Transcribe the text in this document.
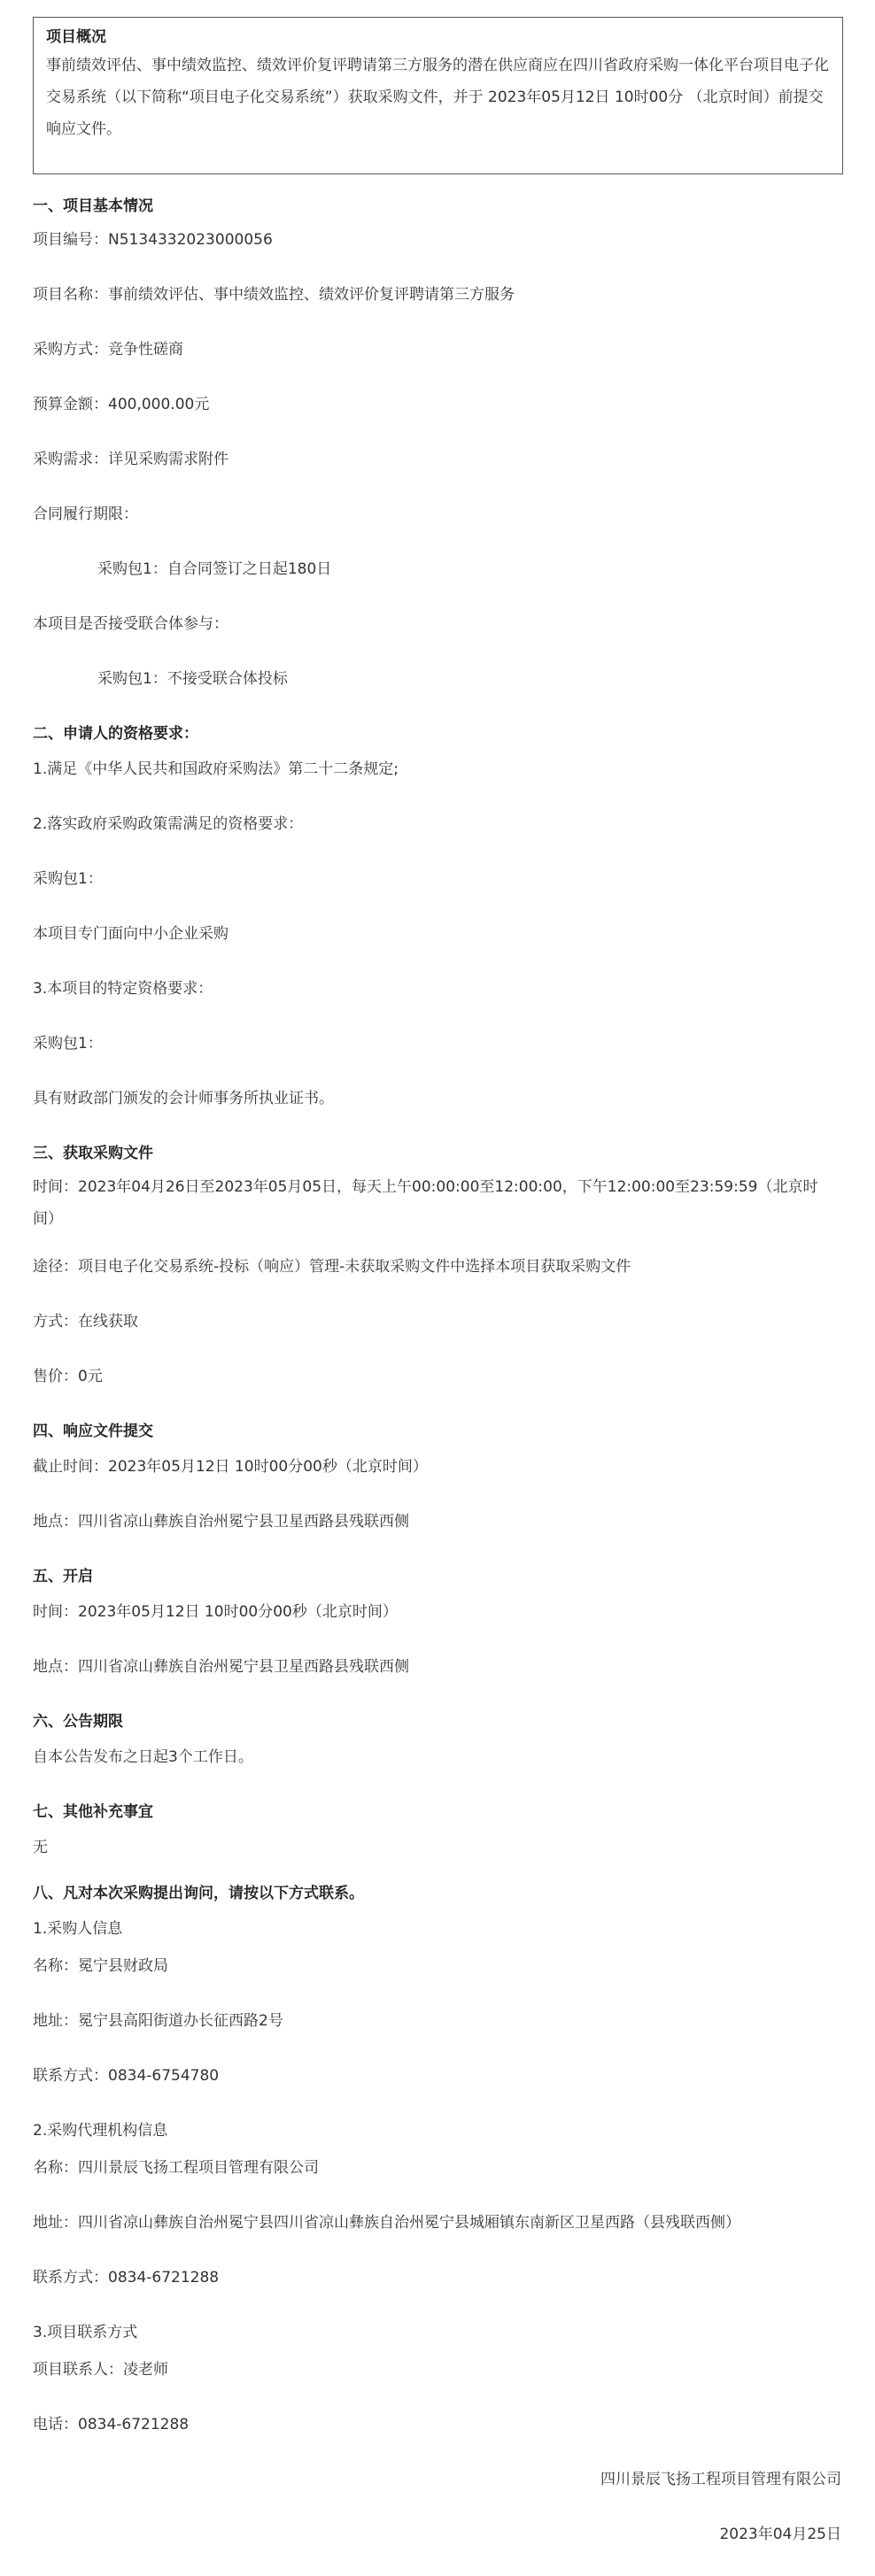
项目概况
事前绩效评估、事中绩效监控、绩效评价复评聘请第三方服务的潜在供应商应在四川省政府采购一体化平台项目电子化交易系统（以下简称“项目电子化交易系统”）获取采购文件，并于 2023年05月12日 10时00分 （北京时间）前提交响应文件。
一、项目基本情况
项目编号：N5134332023000056
项目名称：事前绩效评估、事中绩效监控、绩效评价复评聘请第三方服务
采购方式：竞争性磋商
预算金额：400,000.00元
采购需求：详见采购需求附件
合同履行期限：
采购包1：自合同签订之日起180日
本项目是否接受联合体参与：
采购包1：不接受联合体投标
二、申请人的资格要求：
1.满足《中华人民共和国政府采购法》第二十二条规定;
2.落实政府采购政策需满足的资格要求：
采购包1：
本项目专门面向中小企业采购
3.本项目的特定资格要求：
采购包1：
具有财政部门颁发的会计师事务所执业证书。
三、获取采购文件
时间：2023年04月26日至2023年05月05日，每天上午00:00:00至12:00:00，下午12:00:00至23:59:59（北京时间）
途径：项目电子化交易系统-投标（响应）管理-未获取采购文件中选择本项目获取采购文件
方式：在线获取
售价：0元
四、响应文件提交
截止时间：2023年05月12日 10时00分00秒（北京时间）
地点：四川省凉山彝族自治州冕宁县卫星西路县残联西侧
五、开启
时间：2023年05月12日 10时00分00秒（北京时间）
地点：四川省凉山彝族自治州冕宁县卫星西路县残联西侧
六、公告期限
自本公告发布之日起3个工作日。
七、其他补充事宜
无
八、凡对本次采购提出询问，请按以下方式联系。
1.采购人信息
名称：冕宁县财政局
地址：冕宁县高阳街道办长征西路2号
联系方式：0834-6754780
2.采购代理机构信息
名称：四川景辰飞扬工程项目管理有限公司
地址：四川省凉山彝族自治州冕宁县四川省凉山彝族自治州冕宁县城厢镇东南新区卫星西路（县残联西侧）
联系方式：0834-6721288
3.项目联系方式
项目联系人：凌老师
电话：0834-6721288
四川景辰飞扬工程项目管理有限公司
2023年04月25日
